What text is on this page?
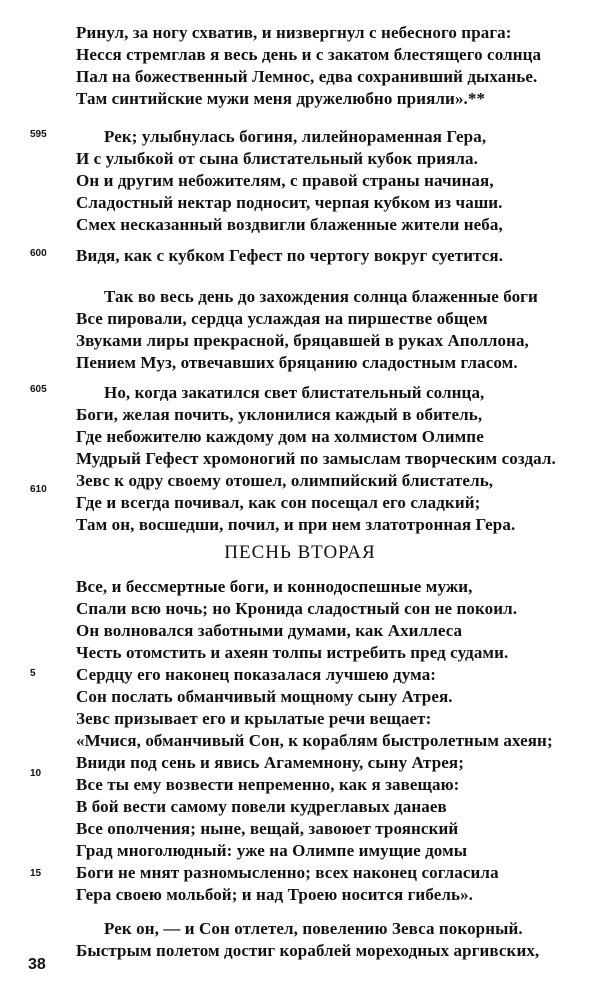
Ринул, за ногу схватив, и низвергнул с небесного прага:
Несся стремглав я весь день и с закатом блестящего солнца
Пал на божественный Лемнос, едва сохранивший дыханье.
Там синтийские мужи меня дружелюбно прияли».**
595	Рек; улыбнулась богиня, лилейнораменная Гера,
И с улыбкой от сына блистательный кубок прияла.
Он и другим небожителям, с правой страны начиная,
Сладостный нектар подносит, черпая кубком из чаши.
Смех несказанный воздвигли блаженные жители неба,
600 Видя, как с кубком Гефест по чертогу вокруг суетится.
Так во весь день до захождения солнца блаженные боги
Все пировали, сердца услаждая на пиршестве общем
Звуками лиры прекрасной, бряцавшей в руках Аполлона,
Пением Муз, отвечавших бряцанию сладостным гласом.
605	Но, когда закатился свет блистательный солнца,
Боги, желая почить, уклонилися каждый в обитель,
Где небожителю каждому дом на холмистом Олимпе
Мудрый Гефест хромоногий по замыслам творческим создал.
Зевс к одру своему отошел, олимпийский блистатель,
610
Где и всегда почивал, как сон посещал его сладкий;
Там он, восшедши, почил, и при нем златотронная Гера.
ПЕСНЬ ВТОРАЯ
Все, и бессмертные боги, и коннодоспешные мужи,
Спали всю ночь; но Кронида сладостный сон не покоил.
Он волновался заботными думами, как Ахиллеса
Честь отомстить и ахеян толпы истребить пред судами.
5 Сердцу его наконец показалася лучшею дума:
Сон послать обманчивый мощному сыну Атрея.
Зевс призывает его и крылатые речи вещает:
«Мчися, обманчивый Сон, к кораблям быстролетным ахеян;
Вниди под сень и явись Агамемнону, сыну Атрея;
10
Все ты ему возвести непременно, как я завещаю:
В бой вести самому повели кудреглавых данаев
Все ополчения; ныне, вещай, завоюет троянский
Град многолюдный: уже на Олимпе имущие домы
Боги не мнят разномысленно; всех наконец согласила
15
Гера своею мольбой; и над Троею носится гибель».
Рек он, — и Сон отлетел, повелению Зевса покорный.
Быстрым полетом достиг кораблей мореходных аргивских,
38
